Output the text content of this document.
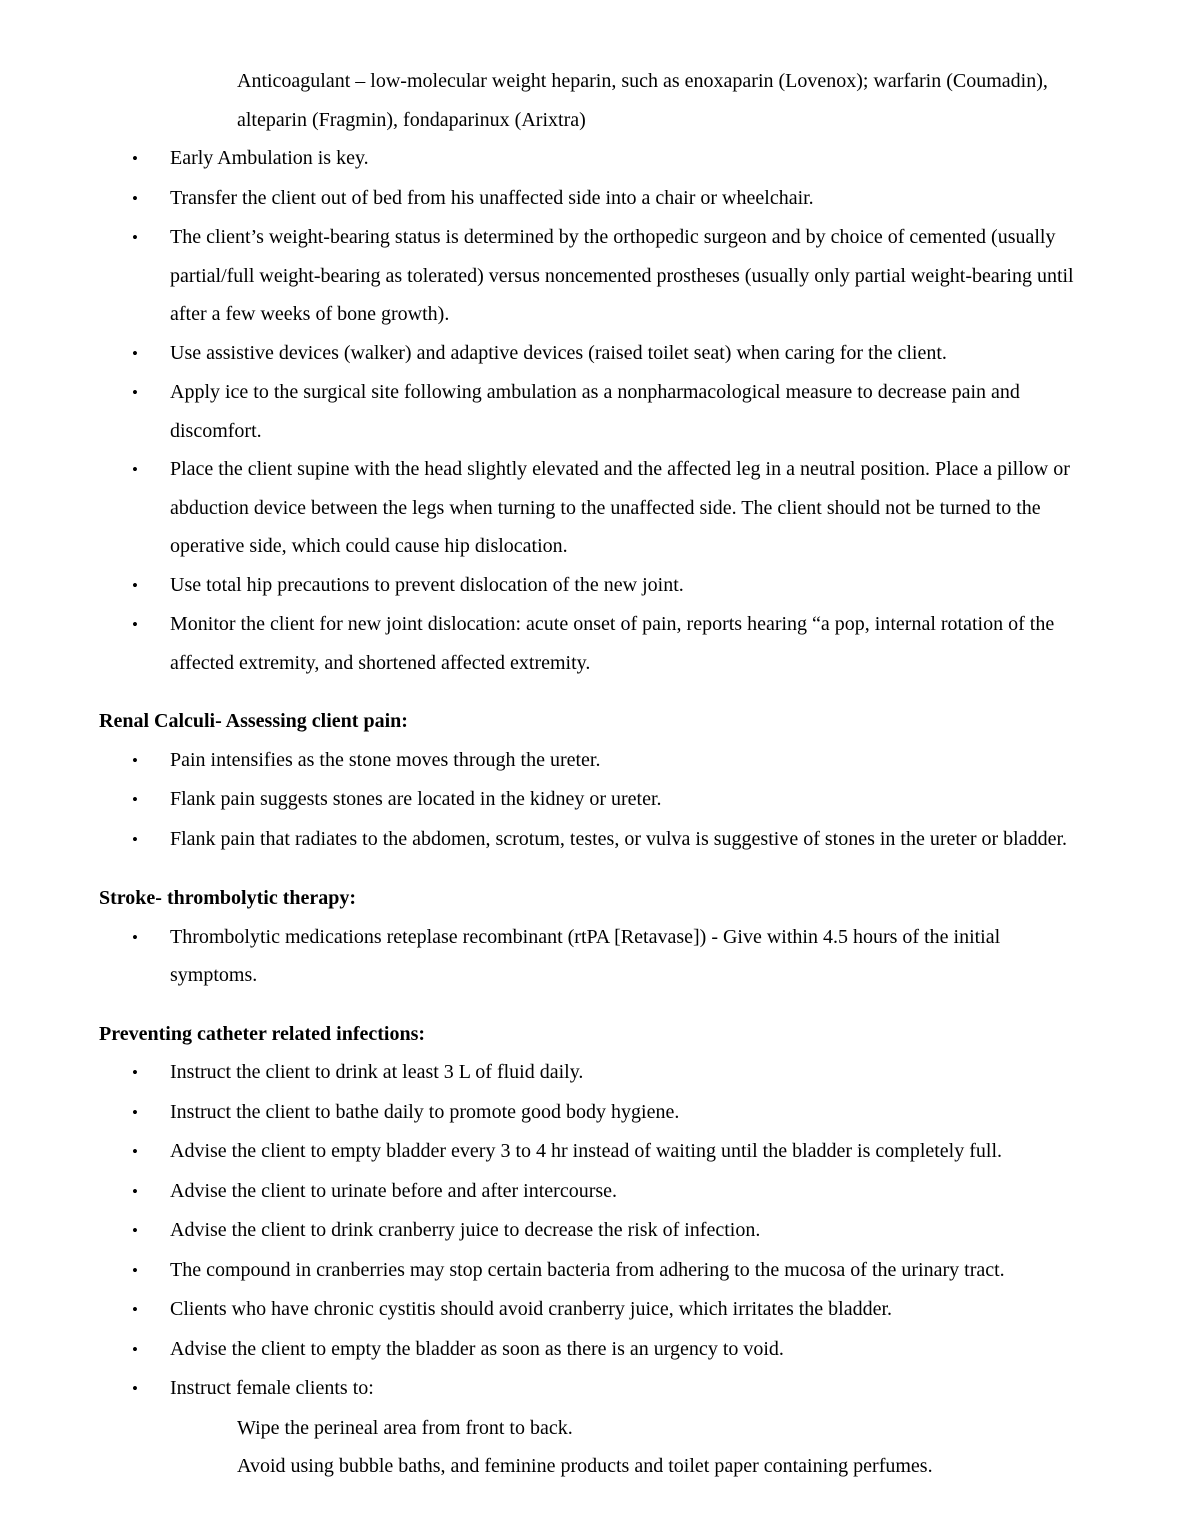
Anticoagulant – low-molecular weight heparin, such as enoxaparin (Lovenox); warfarin (Coumadin), alteparin (Fragmin), fondaparinux (Arixtra)

•	Early Ambulation is key.
•	Transfer the client out of bed from his unaffected side into a chair or wheelchair.
•	The client’s weight-bearing status is determined by the orthopedic surgeon and by choice of cemented (usually partial/full weight-bearing as tolerated) versus noncemented prostheses (usually only partial weight-bearing until after a few weeks of bone growth).
•	Use assistive devices (walker) and adaptive devices (raised toilet seat) when caring for the client.
•	Apply ice to the surgical site following ambulation as a nonpharmacological measure to decrease pain and discomfort.
•	Place the client supine with the head slightly elevated and the affected leg in a neutral position. Place a pillow or abduction device between the legs when turning to the unaffected side. The client should not be turned to the operative side, which could cause hip dislocation.
•	Use total hip precautions to prevent dislocation of the new joint.
•	Monitor the client for new joint dislocation: acute onset of pain, reports hearing “a pop, internal rotation of the affected extremity, and shortened affected extremity.
Renal Calculi- Assessing client pain:
•	Pain intensifies as the stone moves through the ureter.
•	Flank pain suggests stones are located in the kidney or ureter.
•	Flank pain that radiates to the abdomen, scrotum, testes, or vulva is suggestive of stones in the ureter or bladder.
Stroke- thrombolytic therapy:
•	Thrombolytic medications reteplase recombinant (rtPA [Retavase]) - Give within 4.5 hours of the initial symptoms.
Preventing catheter related infections:
•	Instruct the client to drink at least 3 L of fluid daily.
•	Instruct the client to bathe daily to promote good body hygiene.
•	Advise the client to empty bladder every 3 to 4 hr instead of waiting until the bladder is completely full.
•	Advise the client to urinate before and after intercourse.
•	Advise the client to drink cranberry juice to decrease the risk of infection.
•	The compound in cranberries may stop certain bacteria from adhering to the mucosa of the urinary tract.
•	Clients who have chronic cystitis should avoid cranberry juice, which irritates the bladder.
•	Advise the client to empty the bladder as soon as there is an urgency to void.
•	Instruct female clients to:
Wipe the perineal area from front to back.
Avoid using bubble baths, and feminine products and toilet paper containing perfumes.
